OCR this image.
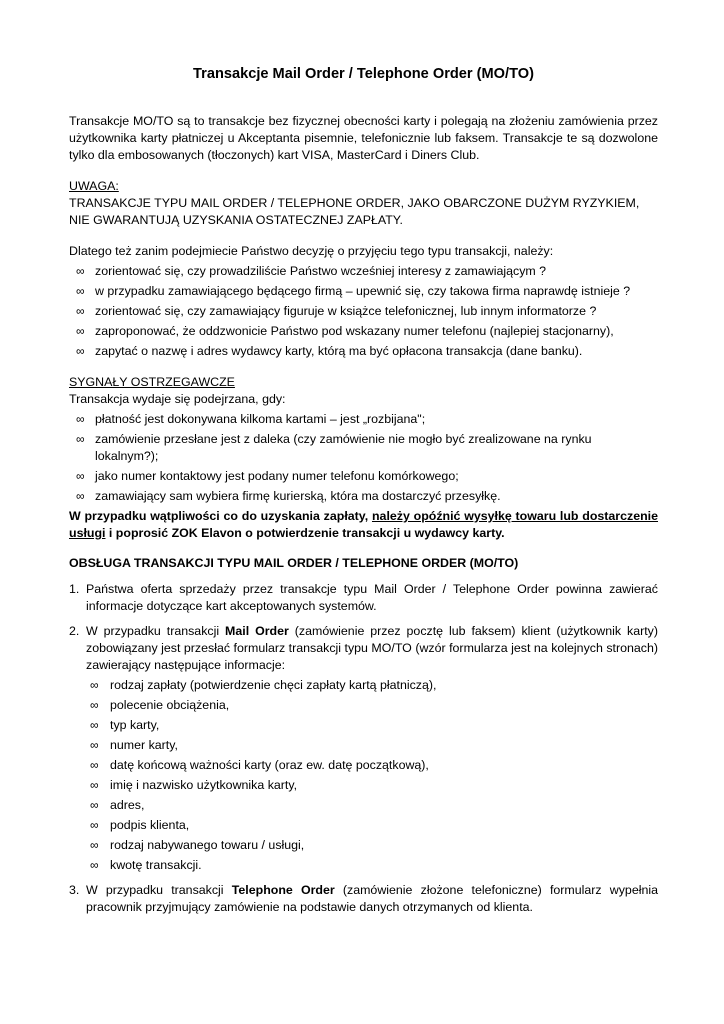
Transakcje Mail Order / Telephone Order (MO/TO)

Transakcje MO/TO są to transakcje bez fizycznej obecności karty i polegają na złożeniu zamówienia przez użytkownika karty płatniczej u Akceptanta pisemnie, telefonicznie lub faksem. Transakcje te są dozwolone tylko dla embosowanych (tłoczonych) kart VISA, MasterCard i Diners Club.

UWAGA:

TRANSAKCJE TYPU MAIL ORDER / TELEPHONE ORDER, JAKO OBARCZONE DUŻYM RYZYKIEM, NIE GWARANTUJĄ UZYSKANIA OSTATECZNEJ ZAPŁATY.

Dlatego też zanim podejmiecie Państwo decyzję o przyjęciu tego typu transakcji, należy:

∞ zorientować się, czy prowadziliście Państwo wcześniej interesy z zamawiającym ?
∞ w przypadku zamawiającego będącego firmą – upewnić się, czy takowa firma naprawdę istnieje ?
∞ zorientować się, czy zamawiający figuruje w książce telefonicznej, lub innym informatorze ?
∞ zaproponować, że oddzwonicie Państwo pod wskazany numer telefonu (najlepiej stacjonarny),
∞ zapytać o nazwę i adres wydawcy karty, którą ma być opłacona transakcja (dane banku).

SYGNAŁY OSTRZEGAWCZE

Transakcja wydaje się podejrzana, gdy:

∞ płatność jest dokonywana kilkoma kartami – jest „rozbijana";
∞ zamówienie przesłane jest z daleka (czy zamówienie nie mogło być zrealizowane na rynku lokalnym?);
∞ jako numer kontaktowy jest podany numer telefonu komórkowego;
∞ zamawiający sam wybiera firmę kurierską, która ma dostarczyć przesyłkę.

W przypadku wątpliwości co do uzyskania zapłaty, należy opóźnić wysyłkę towaru lub dostarczenie usługi i poprosić ZOK Elavon o potwierdzenie transakcji u wydawcy karty.

OBSŁUGA TRANSAKCJI TYPU MAIL ORDER / TELEPHONE ORDER (MO/TO)

1. Państwa oferta sprzedaży przez transakcje typu Mail Order / Telephone Order powinna zawierać informacje dotyczące kart akceptowanych systemów.

2. W przypadku transakcji Mail Order (zamówienie przez pocztę lub faksem) klient (użytkownik karty) zobowiązany jest przesłać formularz transakcji typu MO/TO (wzór formularza jest na kolejnych stronach) zawierający następujące informacje:

∞ rodzaj zapłaty (potwierdzenie chęci zapłaty kartą płatniczą),
∞ polecenie obciążenia,
∞ typ karty,
∞ numer karty,
∞ datę końcową ważności karty (oraz ew. datę początkową),
∞ imię i nazwisko użytkownika karty,
∞ adres,
∞ podpis klienta,
∞ rodzaj nabywanego towaru / usługi,
∞ kwotę transakcji.
3. W przypadku transakcji Telephone Order (zamówienie złożone telefoniczne) formularz wypełnia pracownik przyjmujący zamówienie na podstawie danych otrzymanych od klienta.
